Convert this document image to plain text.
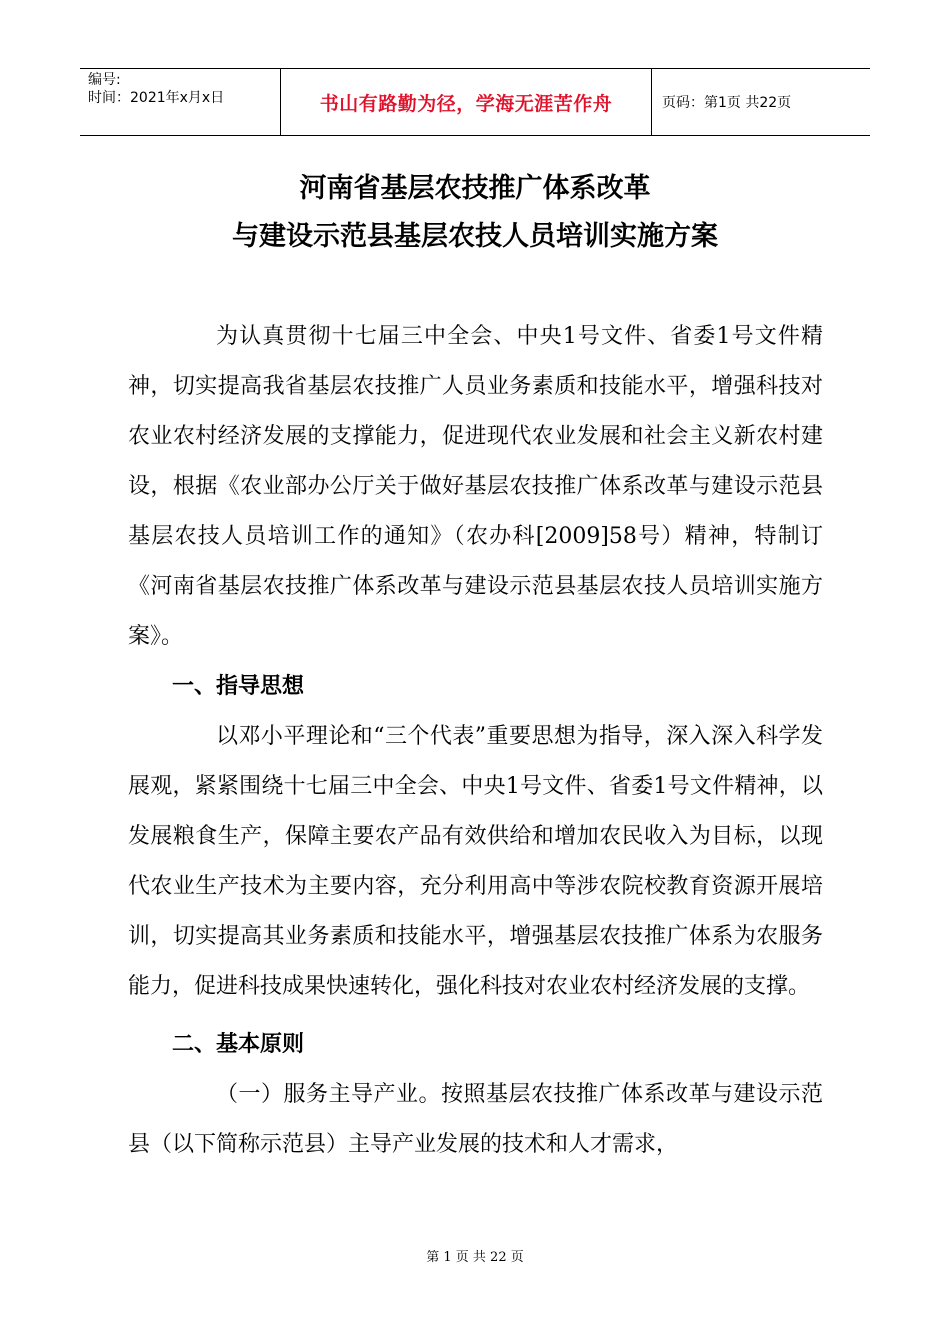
编号:
时间：2021年x月x日	书山有路勤为径，学海无涯苦作舟	页码：第1页 共22页
河南省基层农技推广体系改革
与建设示范县基层农技人员培训实施方案

为认真贯彻十七届三中全会、中央1号文件、省委1号文件精神，切实提高我省基层农技推广人员业务素质和技能水平，增强科技对农业农村经济发展的支撑能力，促进现代农业发展和社会主义新农村建设，根据《农业部办公厅关于做好基层农技推广体系改革与建设示范县基层农技人员培训工作的通知》（农办科[2009]58号）精神，特制订《河南省基层农技推广体系改革与建设示范县基层农技人员培训实施方案》。

一、指导思想

以邓小平理论和“三个代表”重要思想为指导，深入深入科学发展观，紧紧围绕十七届三中全会、中央1号文件、省委1号文件精神，以发展粮食生产，保障主要农产品有效供给和增加农民收入为目标，以现代农业生产技术为主要内容，充分利用高中等涉农院校教育资源开展培训，切实提高其业务素质和技能水平，增强基层农技推广体系为农服务能力，促进科技成果快速转化，强化科技对农业农村经济发展的支撑。

二、基本原则

（一）服务主导产业。按照基层农技推广体系改革与建设示范县（以下简称示范县）主导产业发展的技术和人才需求，

第 1 页 共 22 页
